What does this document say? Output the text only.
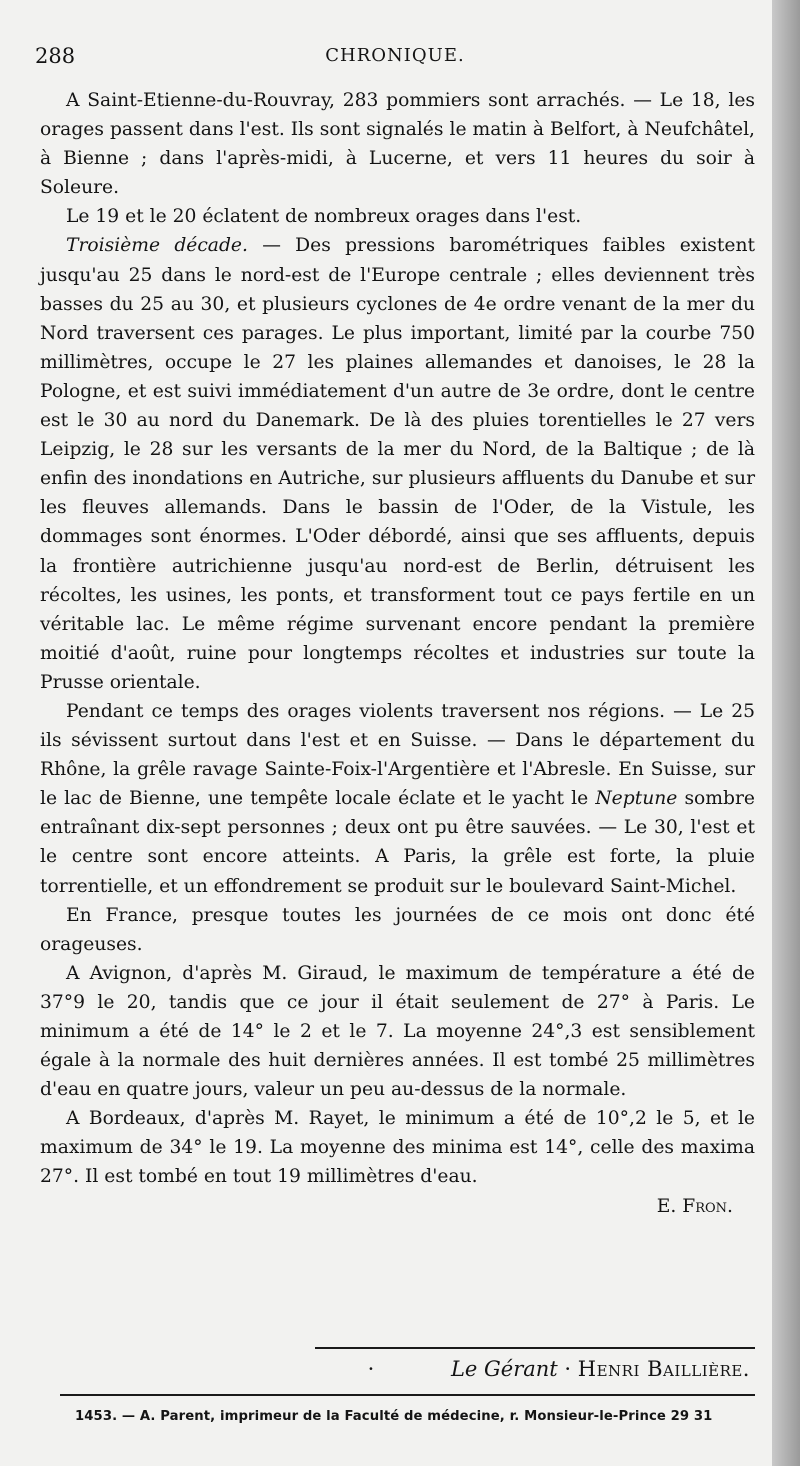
288	CHRONIQUE.

A Saint-Etienne-du-Rouvray, 283 pommiers sont arrachés. — Le 18, les orages passent dans l'est. Ils sont signalés le matin à Belfort, à Neufchâtel, à Bienne ; dans l'après-midi, à Lucerne, et vers 11 heures du soir à Soleure.

Le 19 et le 20 éclatent de nombreux orages dans l'est.

Troisième décade. — Des pressions barométriques faibles existent jusqu'au 25 dans le nord-est de l'Europe centrale ; elles deviennent très basses du 25 au 30, et plusieurs cyclones de 4e ordre venant de la mer du Nord traversent ces parages. Le plus important, limité par la courbe 750 millimètres, occupe le 27 les plaines allemandes et danoises, le 28 la Pologne, et est suivi immédiatement d'un autre de 3e ordre, dont le centre est le 30 au nord du Danemark. De là des pluies torentielles le 27 vers Leipzig, le 28 sur les versants de la mer du Nord, de la Baltique ; de là enfin des inondations en Autriche, sur plusieurs affluents du Danube et sur les fleuves allemands. Dans le bassin de l'Oder, de la Vistule, les dommages sont énormes. L'Oder débordé, ainsi que ses affluents, depuis la frontière autrichienne jusqu'au nord-est de Berlin, détruisent les récoltes, les usines, les ponts, et transforment tout ce pays fertile en un véritable lac. Le même régime survenant encore pendant la première moitié d'août, ruine pour longtemps récoltes et industries sur toute la Prusse orientale.

Pendant ce temps des orages violents traversent nos régions. — Le 25 ils sévissent surtout dans l'est et en Suisse. — Dans le département du Rhône, la grêle ravage Sainte-Foix-l'Argentière et l'Abresle. En Suisse, sur le lac de Bienne, une tempête locale éclate et le yacht le Neptune sombre entraînant dix-sept personnes ; deux ont pu être sauvées. — Le 30, l'est et le centre sont encore atteints. A Paris, la grêle est forte, la pluie torrentielle, et un effondrement se produit sur le boulevard Saint-Michel.

En France, presque toutes les journées de ce mois ont donc été orageuses.

A Avignon, d'après M. Giraud, le maximum de température a été de 37°9 le 20, tandis que ce jour il était seulement de 27° à Paris. Le minimum a été de 14° le 2 et le 7. La moyenne 24°,3 est sensiblement égale à la normale des huit dernières années. Il est tombé 25 millimètres d'eau en quatre jours, valeur un peu au-dessus de la normale.

A Bordeaux, d'après M. Rayet, le minimum a été de 10°,2 le 5, et le maximum de 34° le 19. La moyenne des minima est 14°, celle des maxima 27°. Il est tombé en tout 19 millimètres d'eau.

E. Fron.

·	Le Gérant · Henri Baillière.
1453. — A. Parent, imprimeur de la Faculté de médecine, r. Monsieur-le-Prince 29 31
